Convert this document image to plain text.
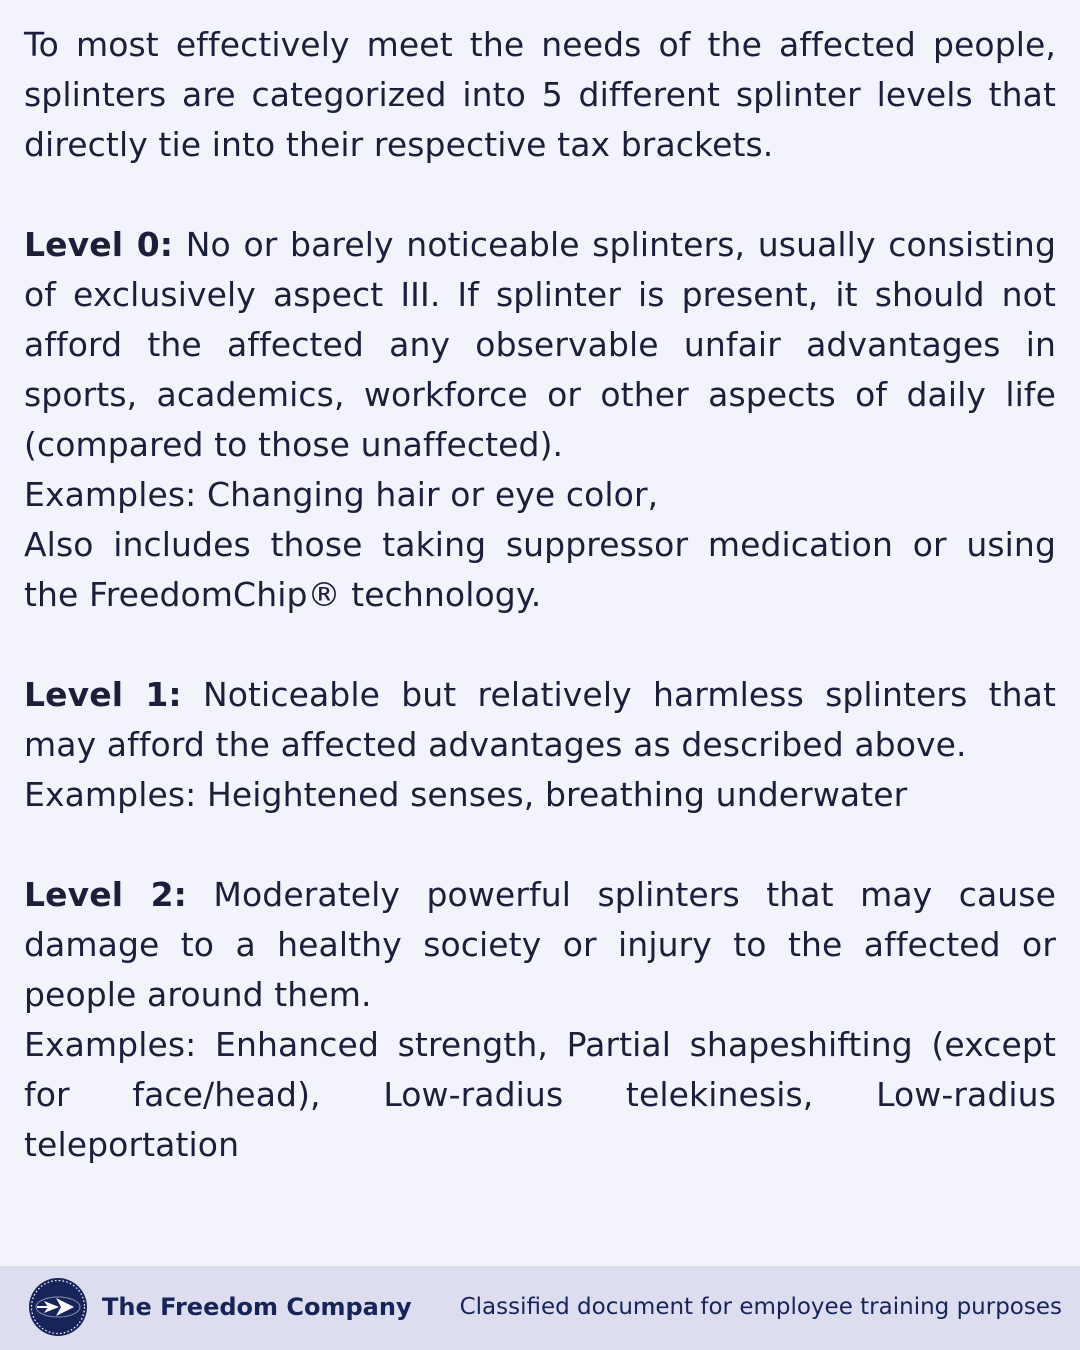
To most effectively meet the needs of the affected people, splinters are categorized into 5 different splinter levels that directly tie into their respective tax brackets.

Level 0: No or barely noticeable splinters, usually consisting of exclusively aspect III. If splinter is present, it should not afford the affected any observable unfair advantages in sports, academics, workforce or other aspects of daily life (compared to those unaffected).

Examples: Changing hair or eye color,

Also includes those taking suppressor medication or using the FreedomChip® technology.

Level 1: Noticeable but relatively harmless splinters that may afford the affected advantages as described above.

Examples: Heightened senses, breathing underwater

Level 2: Moderately powerful splinters that may cause damage to a healthy society or injury to the affected or people around them.

Examples: Enhanced strength, Partial shapeshifting (except for face/head), Low-radius telekinesis, Low-radius teleportation

The Freedom Company Classified document for employee training purposes
